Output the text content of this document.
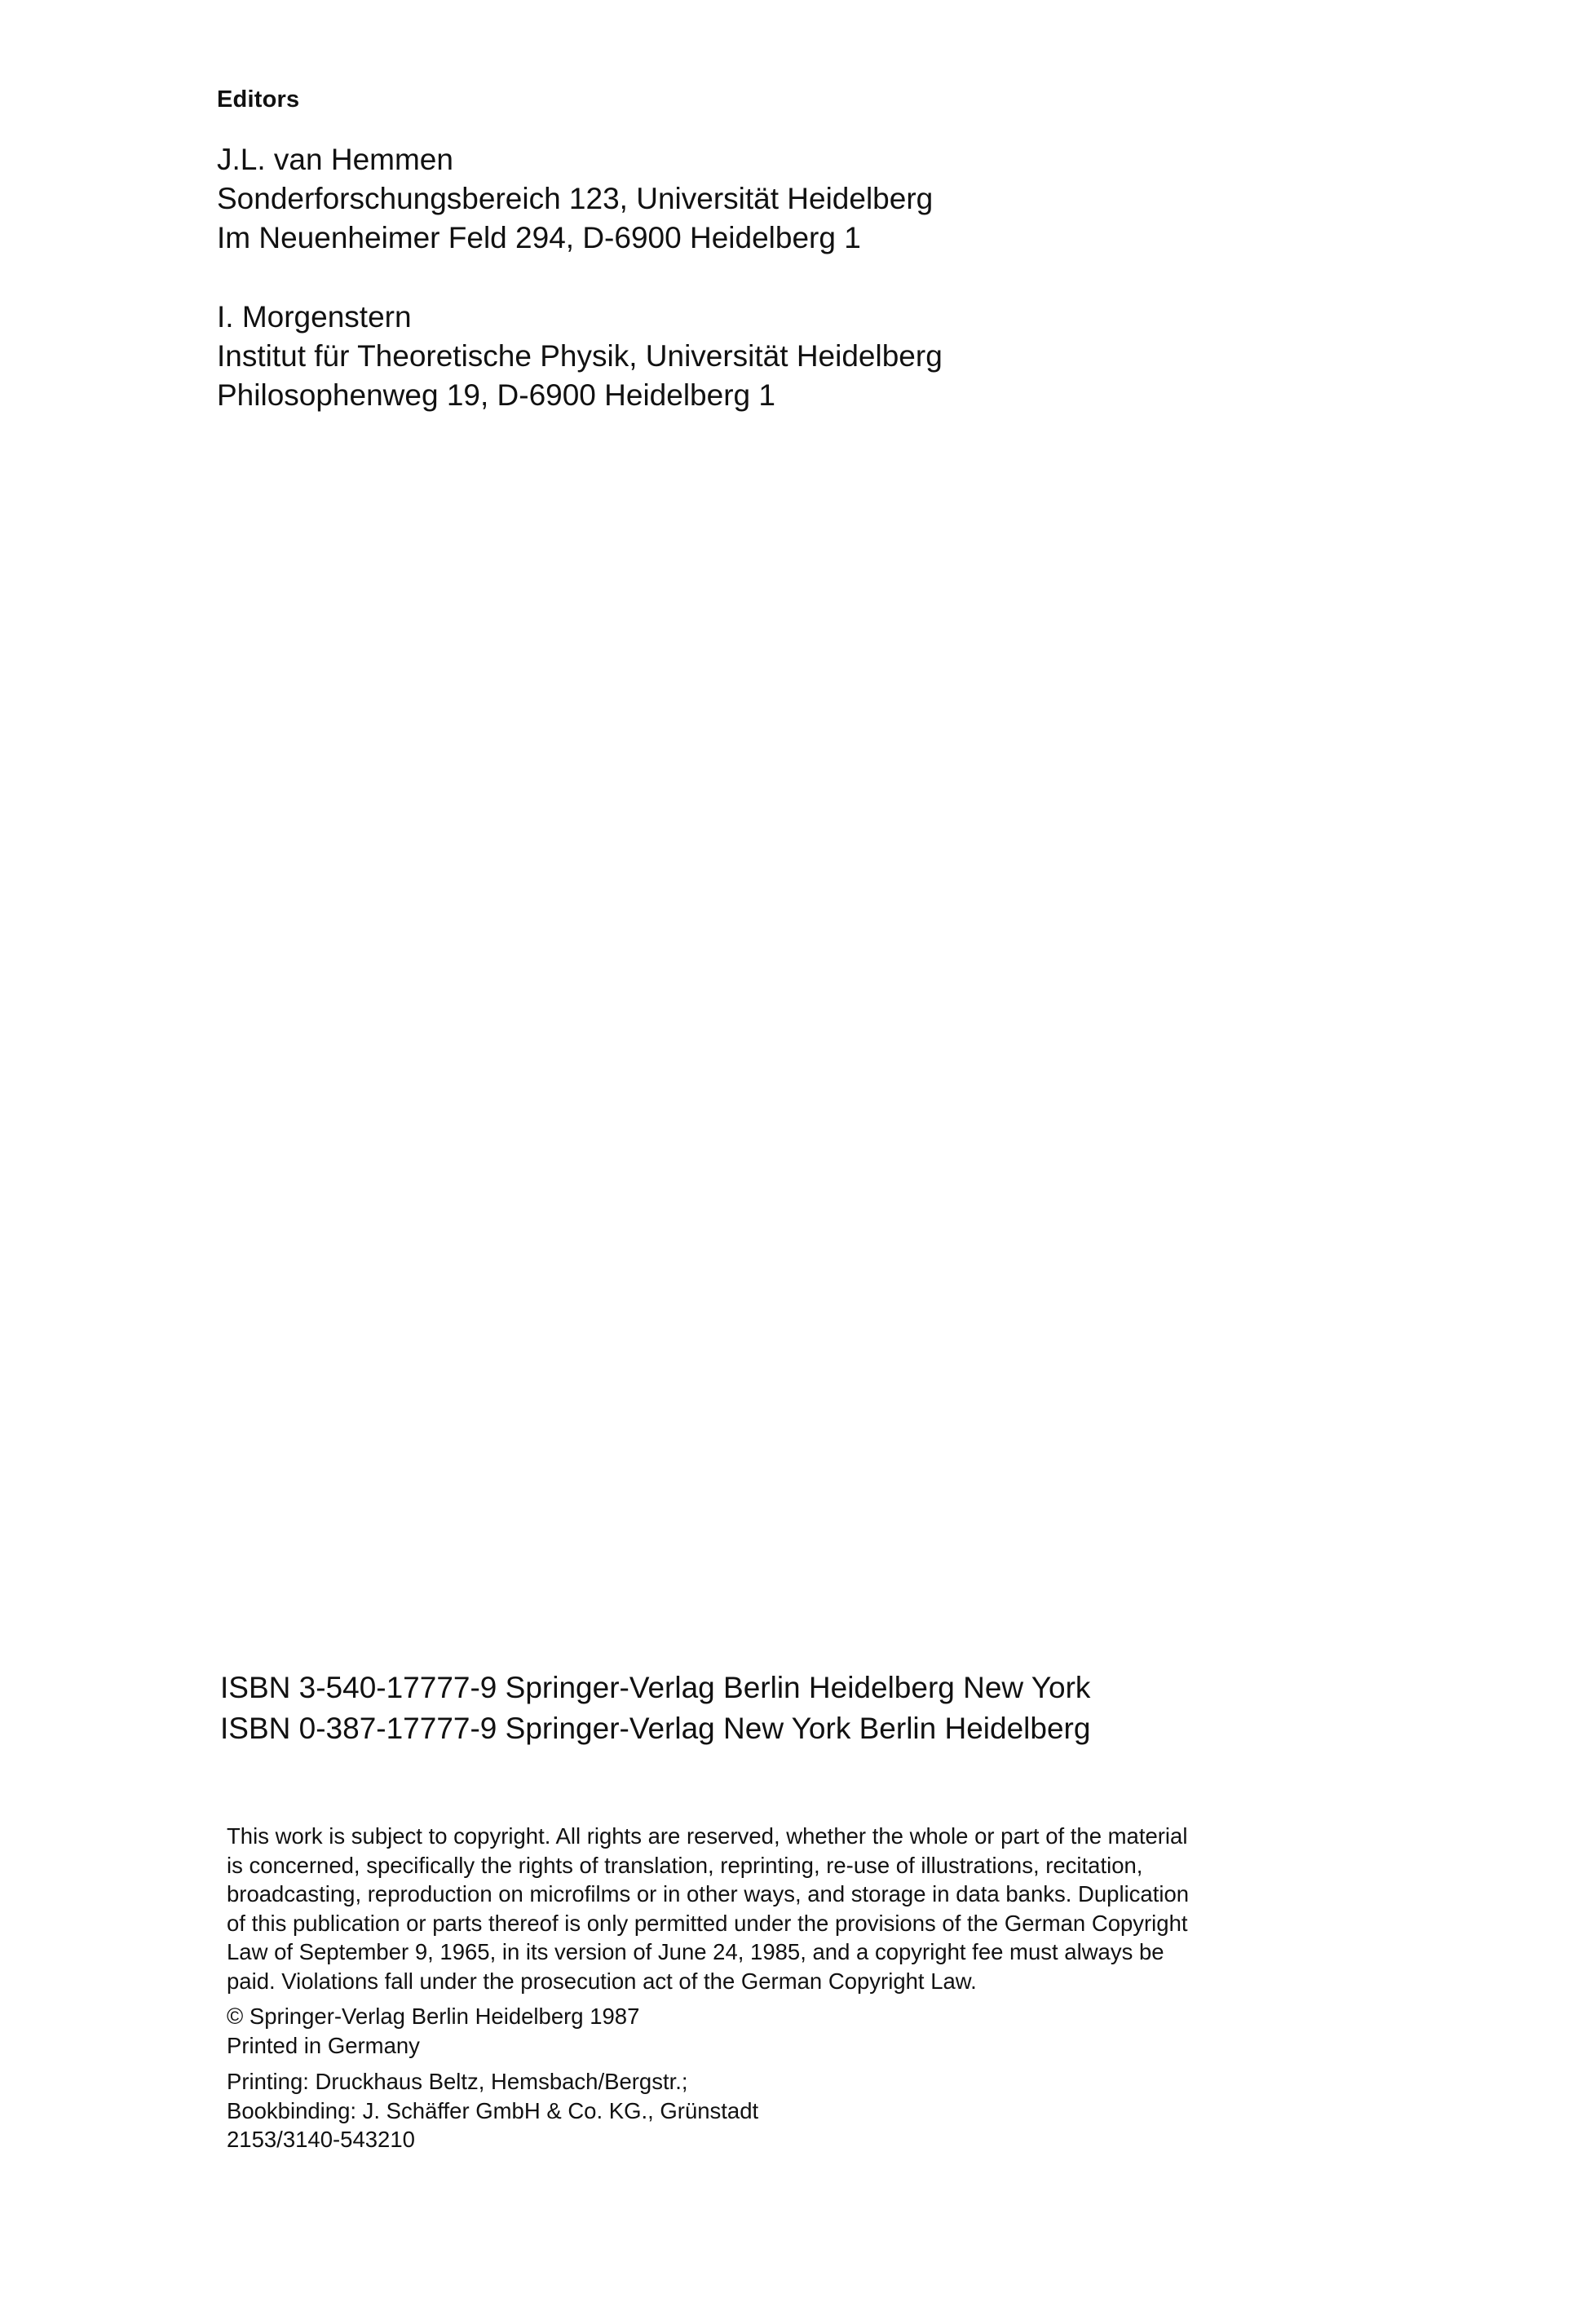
Editors
J.L. van Hemmen
Sonderforschungsbereich 123, Universität Heidelberg
Im Neuenheimer Feld 294, D-6900 Heidelberg 1
I. Morgenstern
Institut für Theoretische Physik, Universität Heidelberg
Philosophenweg 19, D-6900 Heidelberg 1
ISBN 3-540-17777-9 Springer-Verlag Berlin Heidelberg New York
ISBN 0-387-17777-9 Springer-Verlag New York Berlin Heidelberg
This work is subject to copyright. All rights are reserved, whether the whole or part of the material
is concerned, specifically the rights of translation, reprinting, re-use of illustrations, recitation,
broadcasting, reproduction on microfilms or in other ways, and storage in data banks. Duplication
of this publication or parts thereof is only permitted under the provisions of the German Copyright
Law of September 9, 1965, in its version of June 24, 1985, and a copyright fee must always be
paid. Violations fall under the prosecution act of the German Copyright Law.
© Springer-Verlag Berlin Heidelberg 1987
Printed in Germany
Printing: Druckhaus Beltz, Hemsbach/Bergstr.;
Bookbinding: J. Schäffer GmbH & Co. KG., Grünstadt
2153/3140-543210
